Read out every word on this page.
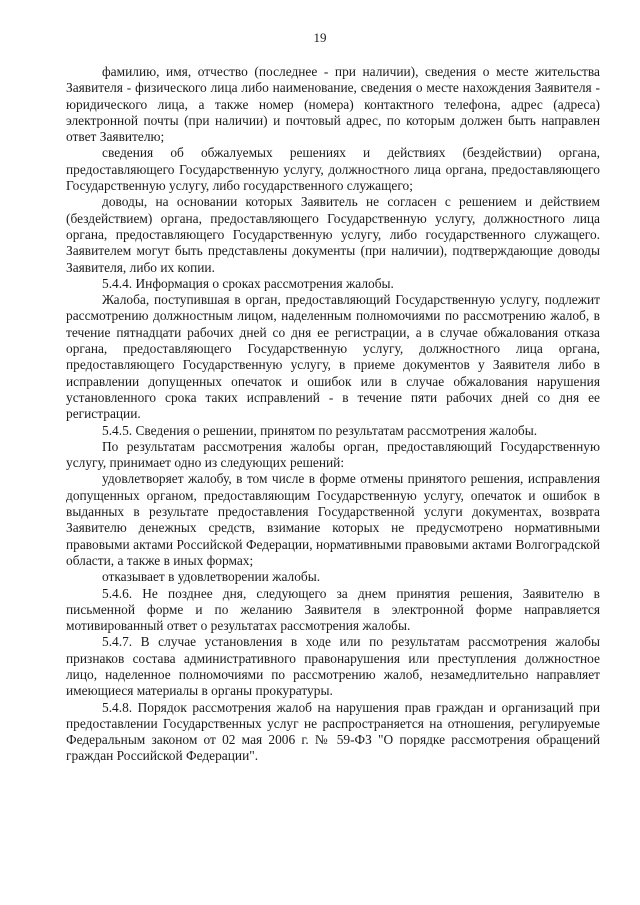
19

фамилию, имя, отчество (последнее - при наличии), сведения о месте жительства Заявителя - физического лица либо наименование, сведения о месте нахождения Заявителя - юридического лица, а также номер (номера) контактного телефона, адрес (адреса) электронной почты (при наличии) и почтовый адрес, по которым должен быть направлен ответ Заявителю;

сведения об обжалуемых решениях и действиях (бездействии) органа, предоставляющего Государственную услугу, должностного лица органа, предоставляющего Государственную услугу, либо государственного служащего;

доводы, на основании которых Заявитель не согласен с решением и действием (бездействием) органа, предоставляющего Государственную услугу, должностного лица органа, предоставляющего Государственную услугу, либо государственного служащего. Заявителем могут быть представлены документы (при наличии), подтверждающие доводы Заявителя, либо их копии.

5.4.4. Информация о сроках рассмотрения жалобы.

Жалоба, поступившая в орган, предоставляющий Государственную услугу, подлежит рассмотрению должностным лицом, наделенным полномочиями по рассмотрению жалоб, в течение пятнадцати рабочих дней со дня ее регистрации, а в случае обжалования отказа органа, предоставляющего Государственную услугу, должностного лица органа, предоставляющего Государственную услугу, в приеме документов у Заявителя либо в исправлении допущенных опечаток и ошибок или в случае обжалования нарушения установленного срока таких исправлений - в течение пяти рабочих дней со дня ее регистрации.

5.4.5. Сведения о решении, принятом по результатам рассмотрения жалобы.

По результатам рассмотрения жалобы орган, предоставляющий Государственную услугу, принимает одно из следующих решений:

удовлетворяет жалобу, в том числе в форме отмены принятого решения, исправления допущенных органом, предоставляющим Государственную услугу, опечаток и ошибок в выданных в результате предоставления Государственной услуги документах, возврата Заявителю денежных средств, взимание которых не предусмотрено нормативными правовыми актами Российской Федерации, нормативными правовыми актами Волгоградской области, а также в иных формах;

отказывает в удовлетворении жалобы.

5.4.6. Не позднее дня, следующего за днем принятия решения, Заявителю в письменной форме и по желанию Заявителя в электронной форме направляется мотивированный ответ о результатах рассмотрения жалобы.

5.4.7. В случае установления в ходе или по результатам рассмотрения жалобы признаков состава административного правонарушения или преступления должностное лицо, наделенное полномочиями по рассмотрению жалоб, незамедлительно направляет имеющиеся материалы в органы прокуратуры.

5.4.8. Порядок рассмотрения жалоб на нарушения прав граждан и организаций при предоставлении Государственных услуг не распространяется на отношения, регулируемые Федеральным законом от 02 мая 2006 г. № 59-ФЗ "О порядке рассмотрения обращений граждан Российской Федерации".
